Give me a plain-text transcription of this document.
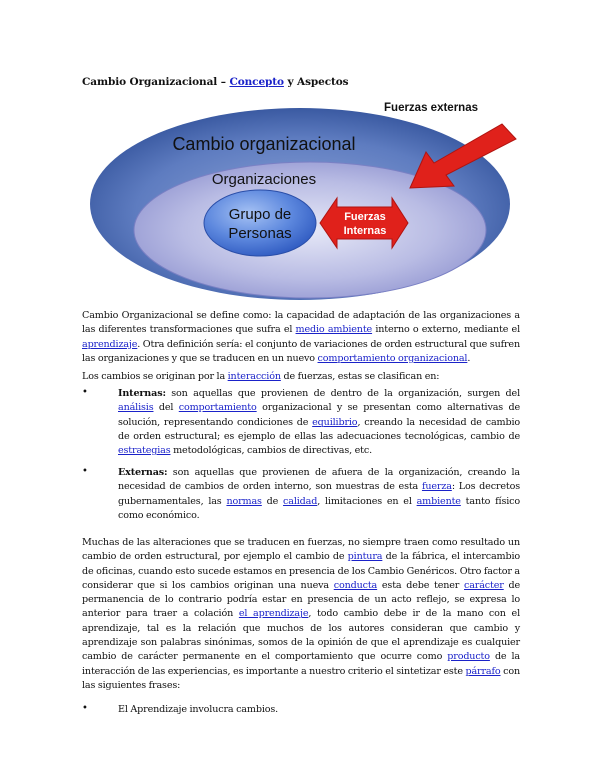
Cambio Organizacional – Concepto y Aspectos
Cambio organizacional
Organizaciones
Grupo de
Personas
Fuerzas externas
Fuerzas
Internas
Cambio Organizacional se define como: la capacidad de adaptación de las organizaciones a las diferentes transformaciones que sufra el medio ambiente interno o externo, mediante el aprendizaje. Otra definición sería: el conjunto de variaciones de orden estructural que sufren las organizaciones y que se traducen en un nuevo comportamiento organizacional.
Los cambios se originan por la interacción de fuerzas, estas se clasifican en:
•	Internas: son aquellas que provienen de dentro de la organización, surgen del análisis del comportamiento organizacional y se presentan como alternativas de solución, representando condiciones de equilibrio, creando la necesidad de cambio de orden estructural; es ejemplo de ellas las adecuaciones tecnológicas, cambio de estrategias metodológicas, cambios de directivas, etc.
•	Externas: son aquellas que provienen de afuera de la organización, creando la necesidad de cambios de orden interno, son muestras de esta fuerza: Los decretos gubernamentales, las normas de calidad, limitaciones en el ambiente tanto físico como económico.
Muchas de las alteraciones que se traducen en fuerzas, no siempre traen como resultado un cambio de orden estructural, por ejemplo el cambio de pintura de la fábrica, el intercambio de oficinas, cuando esto sucede estamos en presencia de los Cambio Genéricos. Otro factor a considerar que si los cambios originan una nueva conducta esta debe tener carácter de permanencia de lo contrario podría estar en presencia de un acto reflejo, se expresa lo anterior para traer a colación el aprendizaje, todo cambio debe ir de la mano con el aprendizaje, tal es la relación que muchos de los autores consideran que cambio y aprendizaje son palabras sinónimas, somos de la opinión de que el aprendizaje es cualquier cambio de carácter permanente en el comportamiento que ocurre como producto de la interacción de las experiencias, es importante a nuestro criterio el sintetizar este párrafo con las siguientes frases:
•	El Aprendizaje involucra cambios.
